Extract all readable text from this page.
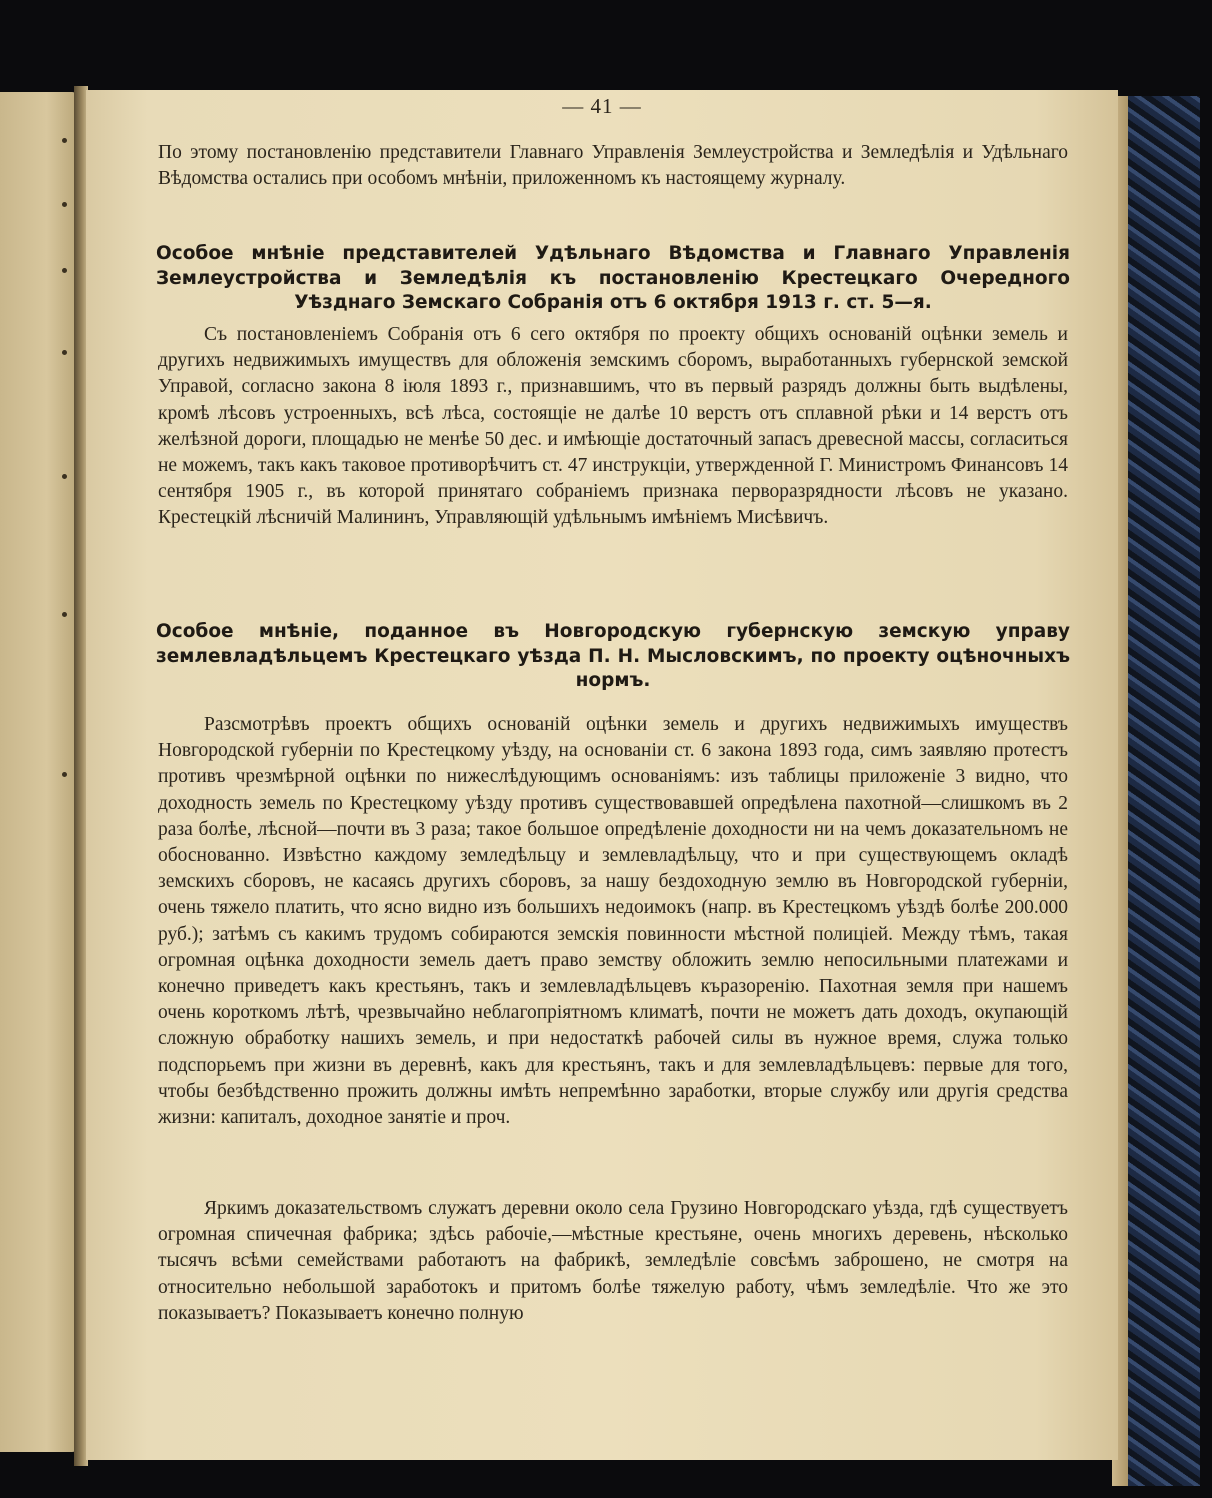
— 41 —

По этому постановленію представители Главнаго Управленія Землеустройства и Земледѣлія и Удѣльнаго Вѣдомства остались при особомъ мнѣніи, приложенномъ къ настоящему журналу.

Особое мнѣніе представителей Удѣльнаго Вѣдомства и Главнаго Управленія Землеустройства и Земледѣлія къ постановленію Крестецкаго Очередного Уѣзднаго Земскаго Собранія отъ 6 октября 1913 г. ст. 5—я.

Съ постановленіемъ Собранія отъ 6 сего октября по проекту общихъ основаній оцѣнки земель и другихъ недвижимыхъ имуществъ для обложенія земскимъ сборомъ, выработанныхъ губернской земской Управой, согласно закона 8 іюля 1893 г., признавшимъ, что въ первый разрядъ должны быть выдѣлены, кромѣ лѣсовъ устроенныхъ, всѣ лѣса, состоящіе не далѣе 10 верстъ отъ сплавной рѣки и 14 верстъ отъ желѣзной дороги, площадью не менѣе 50 дес. и имѣющіе достаточный запасъ древесной массы, согласиться не можемъ, такъ какъ таковое противорѣчитъ ст. 47 инструкціи, утвержденной Г. Министромъ Финансовъ 14 сентября 1905 г., въ которой принятаго собраніемъ признака перворазрядности лѣсовъ не указано. Крестецкій лѣсничій Малининъ, Управляющій удѣльнымъ имѣніемъ Мисѣвичъ.

Особое мнѣніе, поданное въ Новгородскую губернскую земскую управу землевладѣльцемъ Крестецкаго уѣзда П. Н. Мысловскимъ, по проекту оцѣночныхъ нормъ.

Разсмотрѣвъ проектъ общихъ основаній оцѣнки земель и другихъ недвижимыхъ имуществъ Новгородской губерніи по Крестецкому уѣзду, на основаніи ст. 6 закона 1893 года, симъ заявляю протестъ противъ чрезмѣрной оцѣнки по нижеслѣдующимъ основаніямъ: изъ таблицы приложеніе 3 видно, что доходность земель по Крестецкому уѣзду противъ существовавшей опредѣлена пахотной—слишкомъ въ 2 раза болѣе, лѣсной—почти въ 3 раза; такое большое опредѣленіе доходности ни на чемъ доказательномъ не обоснованно. Извѣстно каждому земледѣльцу и землевладѣльцу, что и при существующемъ окладѣ земскихъ сборовъ, не касаясь другихъ сборовъ, за нашу бездоходную землю въ Новгородской губерніи, очень тяжело платить, что ясно видно изъ большихъ недоимокъ (напр. въ Крестецкомъ уѣздѣ болѣе 200.000 руб.); затѣмъ съ какимъ трудомъ собираются земскія повинности мѣстной полиціей. Между тѣмъ, такая огромная оцѣнка доходности земель даетъ право земству обложить землю непосильными платежами и конечно приведетъ какъ крестьянъ, такъ и землевладѣльцевъ къразоренію. Пахотная земля при нашемъ очень короткомъ лѣтѣ, чрезвычайно неблагопріятномъ климатѣ, почти не можетъ дать доходъ, окупающій сложную обработку нашихъ земель, и при недостаткѣ рабочей силы въ нужное время, служа только подспорьемъ при жизни въ деревнѣ, какъ для крестьянъ, такъ и для землевладѣльцевъ: первые для того, чтобы безбѣдственно прожить должны имѣть непремѣнно заработки, вторые службу или другія средства жизни: капиталъ, доходное занятіе и проч.

Яркимъ доказательствомъ служатъ деревни около села Грузино Новгородскаго уѣзда, гдѣ существуетъ огромная спичечная фабрика; здѣсь рабочіе,—мѣстные крестьяне, очень многихъ деревень, нѣсколько тысячъ всѣми семействами работаютъ на фабрикѣ, земледѣліе совсѣмъ заброшено, не смотря на относительно небольшой заработокъ и притомъ болѣе тяжелую работу, чѣмъ земледѣліе. Что же это показываетъ? Показываетъ конечно полную
